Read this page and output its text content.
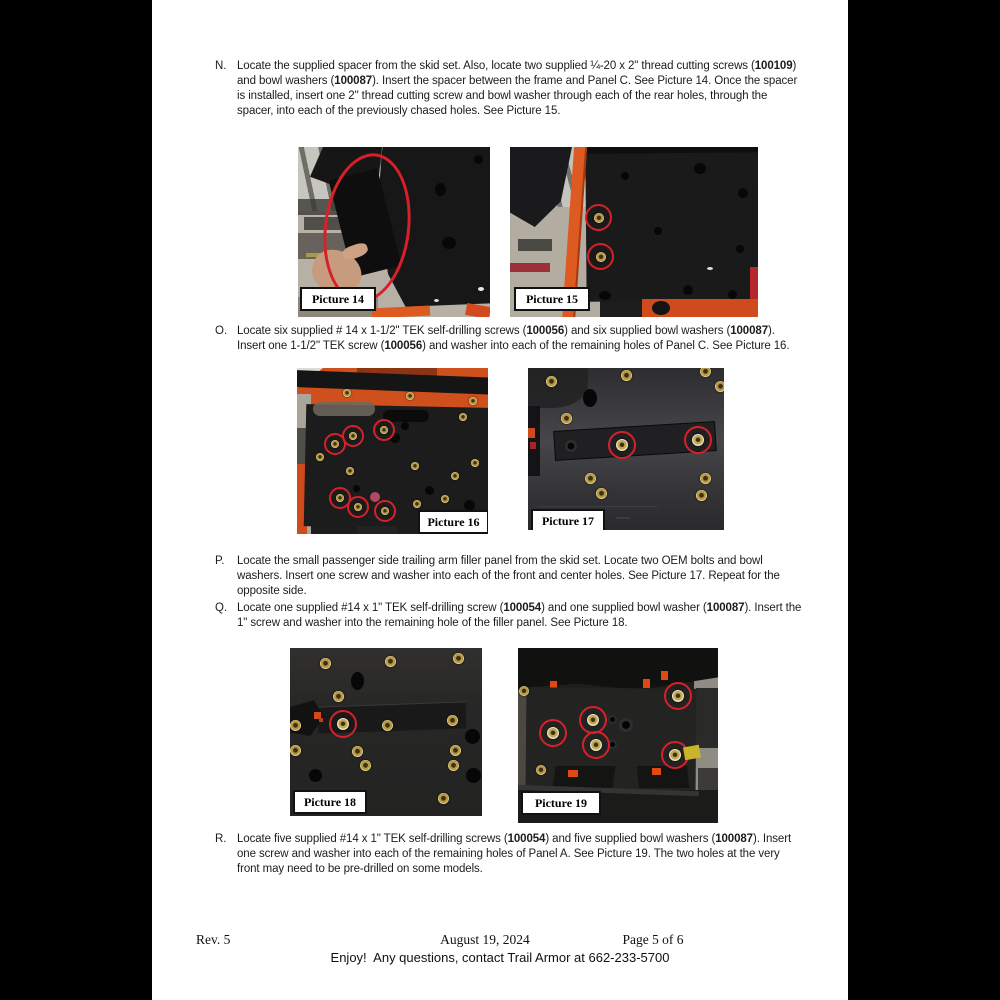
N. Locate the supplied spacer from the skid set. Also, locate two supplied ¼-20 x 2" thread cutting screws (100109)
and bowl washers (100087). Insert the spacer between the frame and Panel C. See Picture 14. Once the spacer
is installed, insert one 2" thread cutting screw and bowl washer through each of the rear holes, through the
spacer, into each of the previously chased holes. See Picture 15.
Picture 14	Picture 15
O. Locate six supplied # 14 x 1-1/2" TEK self-drilling screws (100056) and six supplied bowl washers (100087).
Insert one 1-1/2" TEK screw (100056) and washer into each of the remaining holes of Panel C. See Picture 16.
Picture 16	Picture 17
P.	Locate the small passenger side trailing arm filler panel from the skid set. Locate two OEM bolts and bowl
washers. Insert one screw and washer into each of the front and center holes. See Picture 17. Repeat for the
opposite side.
Q. Locate one supplied #14 x 1" TEK self-drilling screw (100054) and one supplied bowl washer (100087). Insert the
1" screw and washer into the remaining hole of the filler panel. See Picture 18.
Picture 18	Picture 19
R. Locate five supplied #14 x 1" TEK self-drilling screws (100054) and five supplied bowl washers (100087). Insert
one screw and washer into each of the remaining holes of Panel A. See Picture 19. The two holes at the very
front may need to be pre-drilled on some models.
Rev. 5	August 19, 2024	Page 5 of 6
Enjoy!  Any questions, contact Trail Armor at 662-233-5700
